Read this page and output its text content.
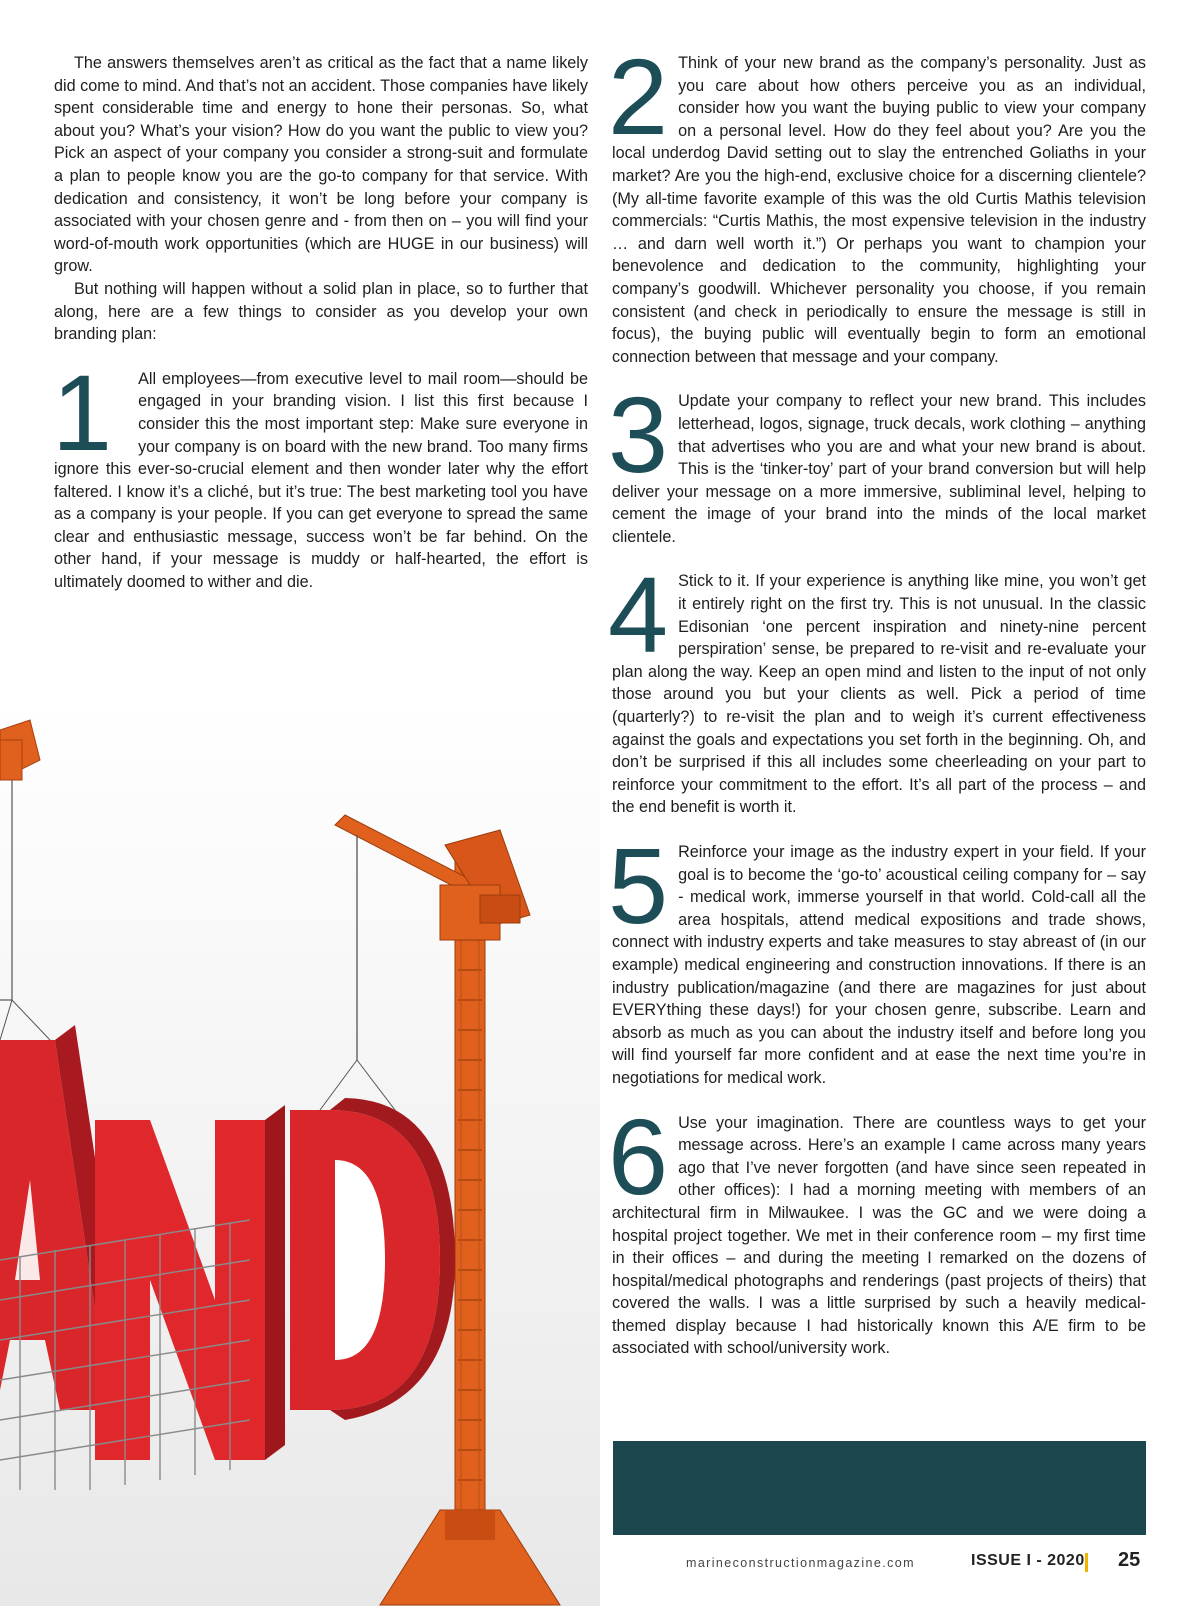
The answers themselves aren’t as critical as the fact that a name likely did come to mind. And that’s not an accident. Those companies have likely spent considerable time and energy to hone their personas. So, what about you? What’s your vision? How do you want the public to view you? Pick an aspect of your company you consider a strong-suit and formulate a plan to people know you are the go-to company for that service. With dedication and consistency, it won’t be long before your company is associated with your chosen genre and - from then on – you will find your word-of-mouth work opportunities (which are HUGE in our business) will grow.

But nothing will happen without a solid plan in place, so to further that along, here are a few things to consider as you develop your own branding plan:

1	All employees—from executive level to mail room—should be engaged in your branding vision. I list this first because I consider this the most important step: Make sure everyone in your company is on board with the new brand. Too many firms ignore this ever-so-crucial element and then wonder later why the effort faltered. I know it’s a cliché, but it’s true: The best marketing tool you have as a company is your people. If you can get everyone to spread the same clear and enthusiastic message, success won’t be far behind. On the other hand, if your message is muddy or half-hearted, the effort is ultimately doomed to wither and die.

2 Think of your new brand as the company’s personality. Just as you care about how others perceive you as an individual, consider how you want the buying public to view your company on a personal level. How do they feel about you? Are you the local underdog David setting out to slay the entrenched Goliaths in your market? Are you the high-end, exclusive choice for a discerning clientele? (My all-time favorite example of this was the old Curtis Mathis television commercials: “Curtis Mathis, the most expensive television in the industry … and darn well worth it.”) Or perhaps you want to champion your benevolence and dedication to the community, highlighting your company’s goodwill. Whichever personality you choose, if you remain consistent (and check in periodically to ensure the message is still in focus), the buying public will eventually begin to form an emotional connection between that message and your company.

3 Update your company to reflect your new brand. This includes letterhead, logos, signage, truck decals, work clothing – anything that advertises who you are and what your new brand is about. This is the ‘tinker-toy’ part of your brand conversion but will help deliver your message on a more immersive, subliminal level, helping to cement the image of your brand into the minds of the local market clientele.

4 Stick to it. If your experience is anything like mine, you won’t get it entirely right on the first try. This is not unusual. In the classic Edisonian ‘one percent inspiration and ninety-nine percent perspiration’ sense, be prepared to re-visit and re-evaluate your plan along the way. Keep an open mind and listen to the input of not only those around you but your clients as well. Pick a period of time (quarterly?) to re-visit the plan and to weigh it’s current effectiveness against the goals and expectations you set forth in the beginning. Oh, and don’t be surprised if this all includes some cheerleading on your part to reinforce your commitment to the effort. It’s all part of the process – and the end benefit is worth it.

5 Reinforce your image as the industry expert in your field. If your goal is to become the ‘go-to’ acoustical ceiling company for – say - medical work, immerse yourself in that world. Cold-call all the area hospitals, attend medical expositions and trade shows, connect with industry experts and take measures to stay abreast of (in our example) medical engineering and construction innovations. If there is an industry publication/magazine (and there are magazines for just about EVERYthing these days!) for your chosen genre, subscribe. Learn and absorb as much as you can about the industry itself and before long you will find yourself far more confident and at ease the next time you’re in negotiations for medical work.

6 Use your imagination. There are countless ways to get your message across. Here’s an example I came across many years ago that I’ve never forgotten (and have since seen repeated in other offices): I had a morning meeting with members of an architectural firm in Milwaukee. I was the GC and we were doing a hospital project together. We met in their conference room – my first time in their offices – and during the meeting I remarked on the dozens of hospital/medical photographs and renderings (past projects of theirs) that covered the walls. I was a little surprised by such a heavily medical-themed display because I had historically known this A/E firm to be associated with school/university work.

marineconstructionmagazine.com	ISSUE I - 2020 25
